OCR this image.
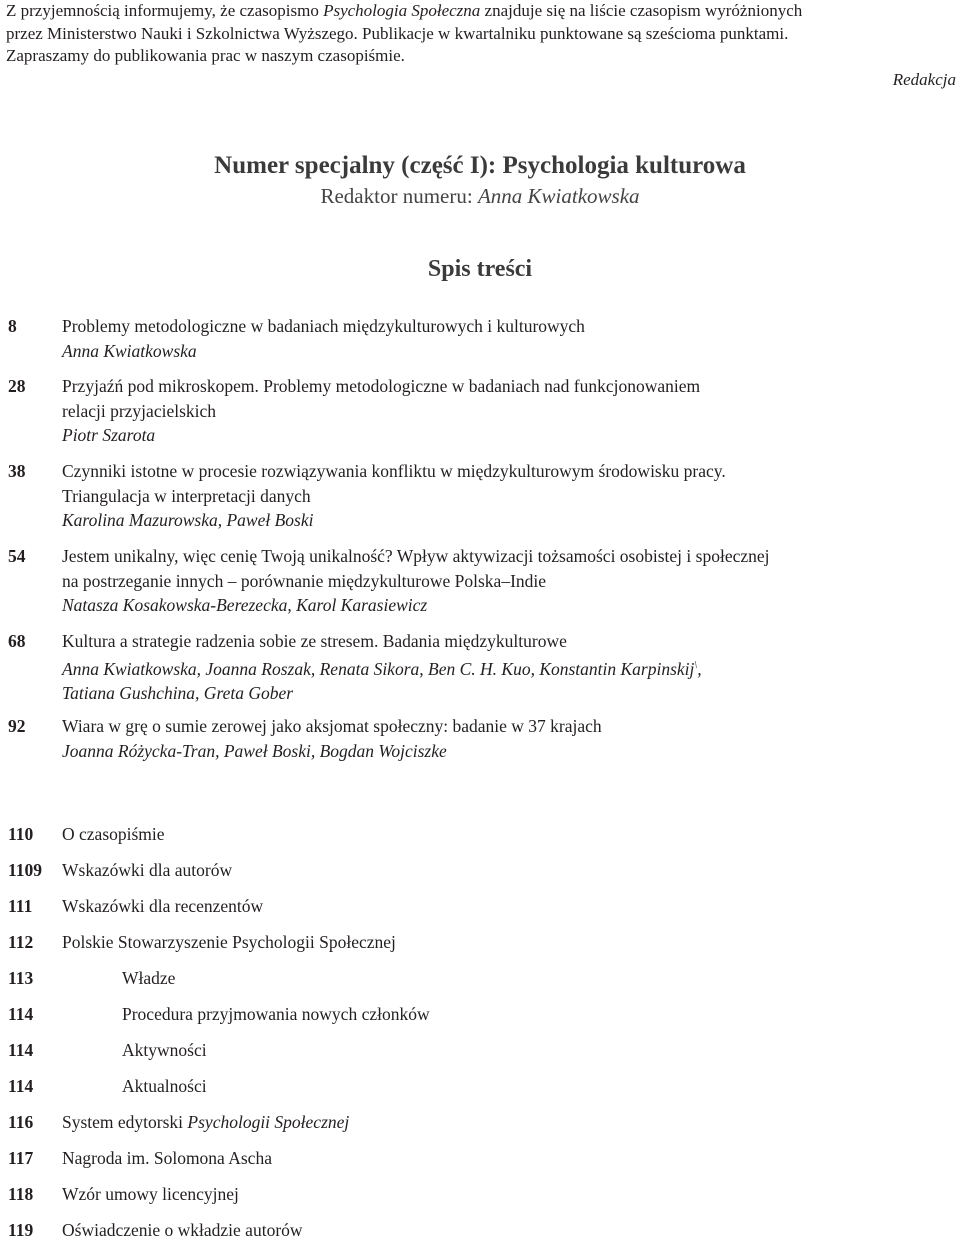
Z przyjemnością informujemy, że czasopismo Psychologia Społeczna znajduje się na liście czasopism wyróżnionych

przez Ministerstwo Nauki i Szkolnictwa Wyższego. Publikacje w kwartalniku punktowane są sześcioma punktami.

Zapraszamy do publikowania prac w naszym czasopiśmie.

Redakcja
Numer specjalny (część I): Psychologia kulturowa
Redaktor numeru: Anna Kwiatkowska
Spis treści
8	Problemy metodologiczne w badaniach międzykulturowych i kulturowych
Anna Kwiatkowska
28 Przyjaźń pod mikroskopem. Problemy metodologiczne w badaniach nad funkcjonowaniem
relacji przyjacielskich
Piotr Szarota
38 Czynniki istotne w procesie rozwiązywania konfliktu w międzykulturowym środowisku pracy.
Triangulacja w interpretacji danych
Karolina Mazurowska, Paweł Boski
54 Jestem unikalny, więc cenię Twoją unikalność? Wpływ aktywizacji tożsamości osobistej i społecznej
na postrzeganie innych – porównanie międzykulturowe Polska–Indie
Natasza Kosakowska-Berezecka, Karol Karasiewicz
68 Kultura a strategie radzenia sobie ze stresem. Badania międzykulturowe
Anna Kwiatkowska, Joanna Roszak, Renata Sikora, Ben C. H. Kuo, Konstantin Karpinskij\,
Tatiana Gushchina, Greta Gober
92 Wiara w grę o sumie zerowej jako aksjomat społeczny: badanie w 37 krajach
Joanna Różycka-Tran, Paweł Boski, Bogdan Wojciszke
110 O czasopiśmie
1109 Wskazówki dla autorów
111 Wskazówki dla recenzentów
112 Polskie Stowarzyszenie Psychologii Społecznej
113	Władze
114	Procedura przyjmowania nowych członków
114	Aktywności
114	Aktualności
116 System edytorski Psychologii Społecznej
117 Nagroda im. Solomona Ascha
118 Wzór umowy licencyjnej
119 Oświadczenie o wkładzie autorów
